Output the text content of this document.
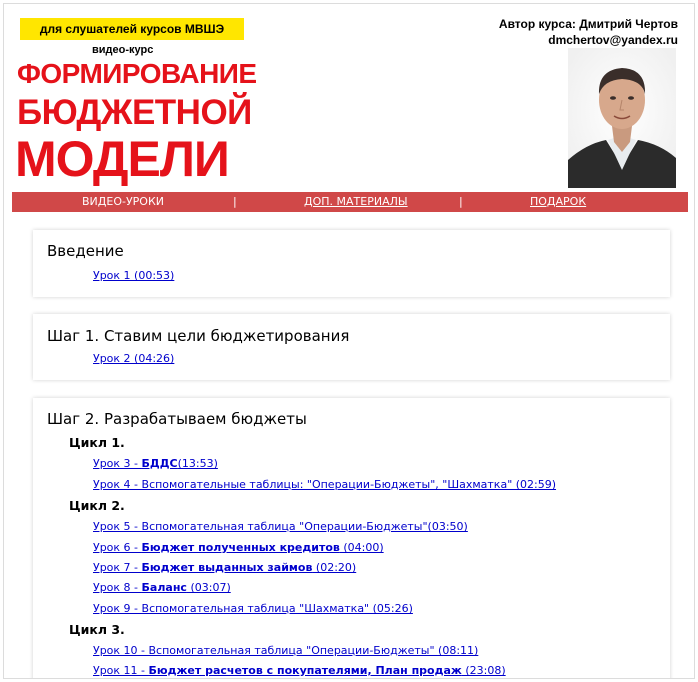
для слушателей курсов МВШЭ
видео-курс
ФОРМИРОВАНИЕ
БЮДЖЕТНОЙ
МОДЕЛИ
Автор курса: Дмитрий Чертов
dmchertov@yandex.ru
ВИДЕО-УРОКИ	|	ДОП. МАТЕРИАЛЫ	|	ПОДАРОК
Введение
Урок 1 (00:53)
Шаг 1. Ставим цели бюджетирования
Урок 2 (04:26)
Шаг 2. Разрабатываем бюджеты
Цикл 1.
Урок 3 - БДДС(13:53)
Урок 4 - Вспомогательные таблицы: "Операции-Бюджеты", "Шахматка" (02:59)
Цикл 2.
Урок 5 - Вспомогательная таблица "Операции-Бюджеты"(03:50)
Урок 6 - Бюджет полученных кредитов (04:00)
Урок 7 - Бюджет выданных займов (02:20)
Урок 8 - Баланс (03:07)
Урок 9 - Вспомогательная таблица "Шахматка" (05:26)
Цикл 3.
Урок 10 - Вспомогательная таблица "Операции-Бюджеты" (08:11)
Урок 11 - Бюджет расчетов с покупателями, План продаж (23:08)
